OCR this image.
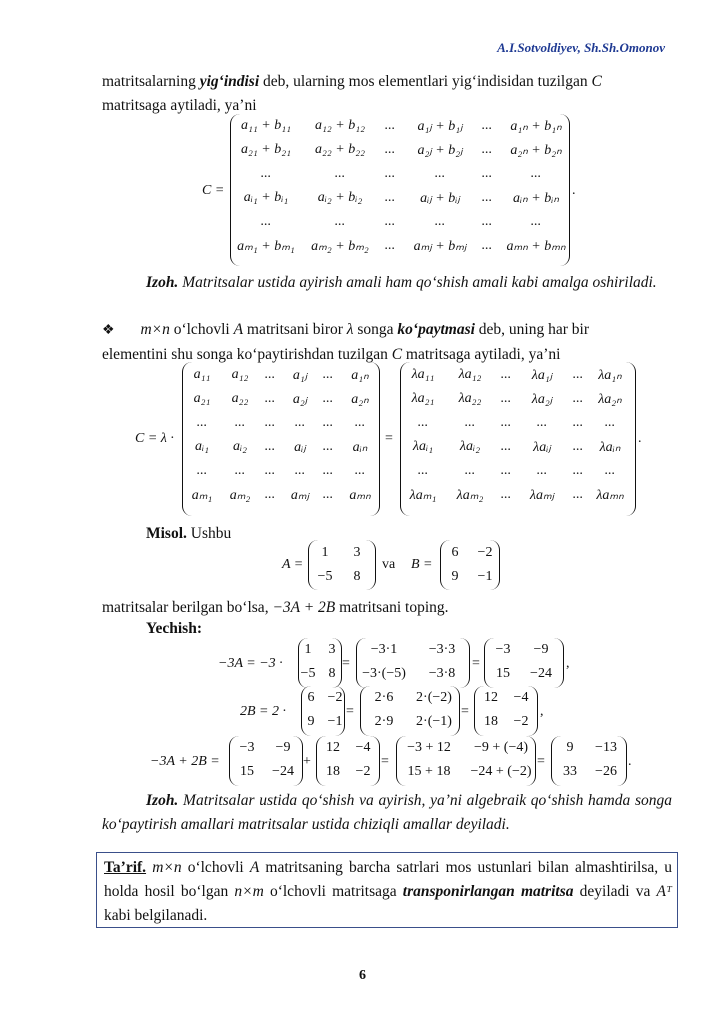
A.I.Sotvoldiyev, Sh.Sh.Omonov
matritsalarning yig‘indisi deb, ularning mos elementlari yig‘indisidan tuzilgan C
matritsaga aytiladi, ya’ni
C =
a₁₁ + b₁₁	a₁₂ + b₁₂	...	a₁ⱼ + b₁ⱼ	...	a₁ₙ + b₁ₙ
a₂₁ + b₂₁	a₂₂ + b₂₂	...	a₂ⱼ + b₂ⱼ	...	a₂ₙ + b₂ₙ
...	...	...	...	...	...
aᵢ₁ + bᵢ₁	aᵢ₂ + bᵢ₂	...	aᵢⱼ + bᵢⱼ	...	aᵢₙ + bᵢₙ
...	...	...	...	...	...
aₘ₁ + bₘ₁	aₘ₂ + bₘ₂	...	aₘⱼ + bₘⱼ	...	aₘₙ + bₘₙ
.
Izoh. Matritsalar ustida ayirish amali ham qo‘shish amali kabi amalga oshiriladi.
❖ m×n o‘lchovli A matritsani biror λ songa ko‘paytmasi deb, uning har bir
elementini shu songa ko‘paytirishdan tuzilgan C matritsaga aytiladi, ya’ni
C = λ ·	=	.
a₁₁	a₁₂	...	a₁ⱼ	...	a₁ₙ
a₂₁	a₂₂	...	a₂ⱼ	...	a₂ₙ
...	...	...	...	...	...
aᵢ₁	aᵢ₂	...	aᵢⱼ	...	aᵢₙ
...	...	...	...	...	...
aₘ₁	aₘ₂	...	aₘⱼ ...	aₘₙ
λa₁₁	λa₁₂	...	λa₁ⱼ	...	λa₁ₙ
λa₂₁	λa₂₂	...	λa₂ⱼ	...	λa₂ₙ
...	...	...	...	...	...
λaᵢ₁	λaᵢ₂	...	λaᵢⱼ	...	λaᵢₙ
...	...	...	...	...	...
λaₘ₁	λaₘ₂	...	λaₘⱼ	... λaₘₙ
Misol. Ushbu
A =	va B =
1	3
−5	8
6	−2
9	−1
matritsalar berilgan bo‘lsa, −3A + 2B matritsani toping.
Yechish:
−3A = −3 ·	=	=	,
2B = 2 ·	=	=	,
−3A + 2B =	+	=	=	.
1	3
−5 8
−3·1	−3·3
−3·(−5)	−3·8
−3	−9
15	−24
6 −2
9 −1
2·6	2·(−2)
2·9	2·(−1)
12	−4
18	−2
−3	−9
15	−24
12	−4
18	−2
−3 + 12	−9 + (−4)
15 + 18	−24 + (−2)
9	−13
33	−26
Izoh. Matritsalar ustida qo‘shish va ayirish, ya’ni algebraik qo‘shish hamda songa ko‘paytirish amallari matritsalar ustida chiziqli amallar deyiladi.
Ta’rif. m×n o‘lchovli A matritsaning barcha satrlari mos ustunlari bilan almashtirilsa, u holda hosil bo‘lgan n×m o‘lchovli matritsaga transponirlangan matritsa deyiladi va Aᵀ kabi belgilanadi.
6
